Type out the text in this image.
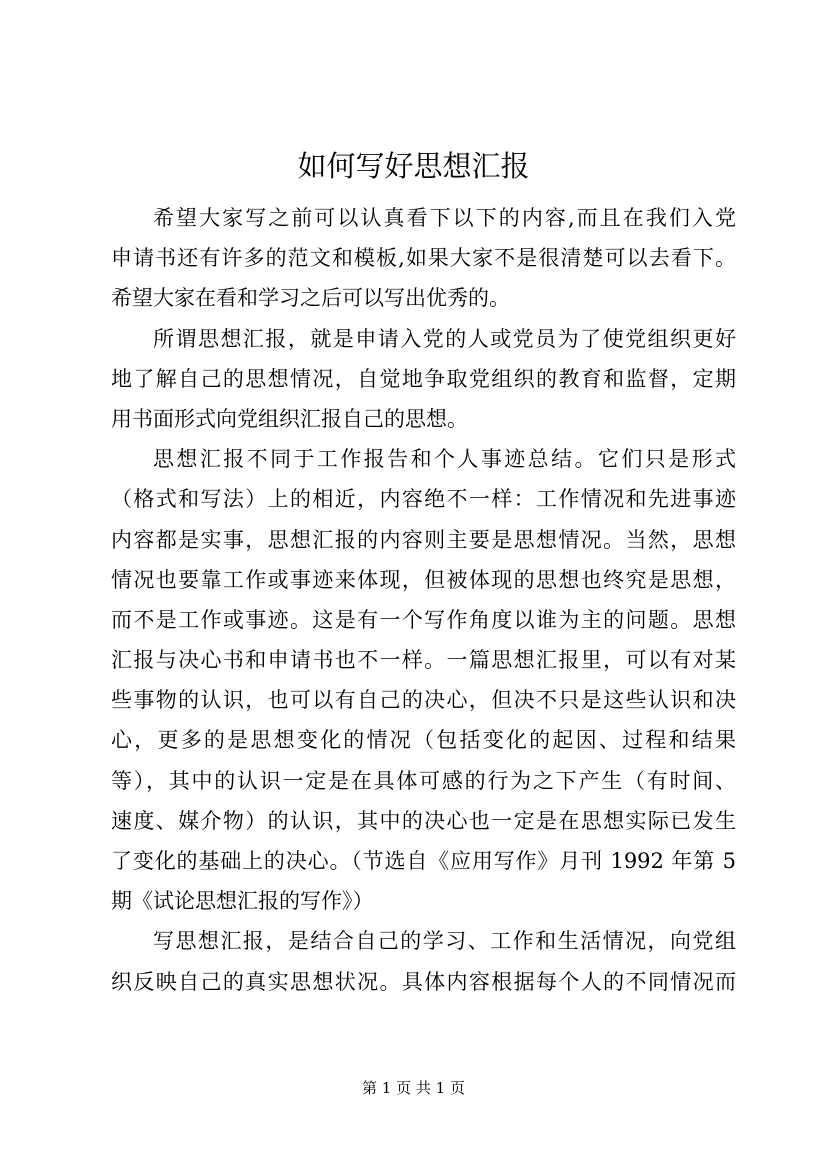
如何写好思想汇报

希望大家写之前可以认真看下以下的内容,而且在我们入党
申请书还有许多的范文和模板,如果大家不是很清楚可以去看下。
希望大家在看和学习之后可以写出优秀的。

所谓思想汇报，就是申请入党的人或党员为了使党组织更好
地了解自己的思想情况，自觉地争取党组织的教育和监督，定期
用书面形式向党组织汇报自己的思想。

思想汇报不同于工作报告和个人事迹总结。它们只是形式
（格式和写法）上的相近，内容绝不一样：工作情况和先进事迹
内容都是实事，思想汇报的内容则主要是思想情况。当然，思想
情况也要靠工作或事迹来体现，但被体现的思想也终究是思想，
而不是工作或事迹。这是有一个写作角度以谁为主的问题。思想
汇报与决心书和申请书也不一样。一篇思想汇报里，可以有对某
些事物的认识，也可以有自己的决心，但决不只是这些认识和决
心，更多的是思想变化的情况（包括变化的起因、过程和结果
等），其中的认识一定是在具体可感的行为之下产生（有时间、
速度、媒介物）的认识，其中的决心也一定是在思想实际已发生
了变化的基础上的决心。（节选自《应用写作》月刊 1992 年第 5
期《试论思想汇报的写作》）

写思想汇报，是结合自己的学习、工作和生活情况，向党组
织反映自己的真实思想状况。具体内容根据每个人的不同情况而

第 1 页 共 1 页
